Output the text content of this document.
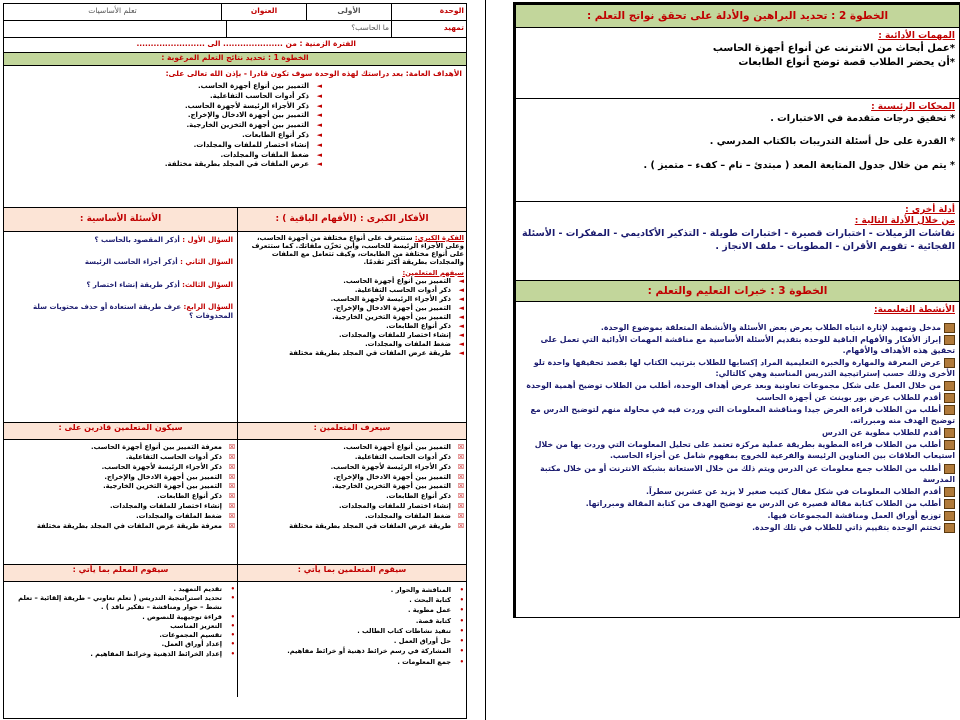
الوحدة
الأولى
العنوان
تعلم الأساسيات
تمهيد
ما الحاسب؟
الفترة الزمنية : من ..................... الى ........................
الخطوة 1 : تحديد نتائج التعلم المرغوبة :
الأهداف العامة: بعد دراستك لهذه الوحدة سوف تكون قادرا - بإذن الله تعالى على:
◄
التمييز بين أنواع أجهزة الحاسب.
◄
ذكر أدوات الحاسب التفاعلية.
◄
ذكر الأجزاء الرئيسة لأجهزة الحاسب.
◄
التمييز بين أجهزة الادخال والإخراج.
◄
التمييز بين أجهزة التخزين الخارجية.
◄
ذكر أنواع الطابعات.
◄
إنشاء اختصار للملفات والمجلدات.
◄
ضغط الملفات والمجلدات.
◄
عرض الملفات في المجلد بطريقة مختلفة.
الأفكار الكبرى : (الأفهام الباقية ) :
الأسئلة الأساسية :
الفكرة الكبرى: ستتعرف على أنواع مختلفة من أجهزة الحاسب، وعلى الأجزاء الرئيسة للحاسب، وأين تخزّن ملفاتك. كما ستتعرف على أنواع مختلفة من الطابعات، وكيف تتعامل مع الملفات والمجلدات بطريقة أكثر تقدمًا.
سيفهم المتعلمين:
◄
التمييز بين أنواع أجهزة الحاسب.
◄
ذكر أدوات الحاسب التفاعلية.
◄
ذكر الأجزاء الرئيسة لأجهزة الحاسب.
◄
التمييز بين أجهزة الادخال والإخراج.
◄
التمييز بين أجهزة التخزين الخارجية.
◄
ذكر أنواع الطابعات.
◄
إنشاء اختصار للملفات والمجلدات.
◄
ضغط الملفات والمجلدات.
◄
طريقة عرض الملفات في المجلد بطريقة مختلفة
السؤال الأول : أذكر المقصود بالحاسب ؟
السؤال الثاني : أذكر أجزاء الحاسب الرئيسة
السؤال الثالث: أذكر طريقة إنشاء اختصار ؟
السؤال الرابع: عرف طريقة استعادة أو حذف محتويات سلة المحذوفات ؟
سيعرف المتعلمين :
سيكون المتعلمين قادرين على :
☒
التمييز بين أنواع أجهزة الحاسب.
☒
ذكر أدوات الحاسب التفاعلية.
☒
ذكر الأجزاء الرئيسة لأجهزة الحاسب.
☒
التمييز بين أجهزة الادخال والإخراج.
☒
التمييز بين أجهزة التخزين الخارجية.
☒
ذكر أنواع الطابعات.
☒
إنشاء اختصار للملفات والمجلدات.
☒
ضغط الملفات والمجلدات.
☒
طريقة عرض الملفات في المجلد بطريقة مختلفة
☒
معرفة التمييز بين أنواع أجهزة الحاسب.
☒
ذكر أدوات الحاسب التفاعلية.
☒
ذكر الأجزاء الرئيسة لأجهزة الحاسب.
☒
التمييز بين أجهزة الادخال والإخراج.
☒
التمييز بين أجهزة التخزين الخارجية.
☒
ذكر أنواع الطابعات.
☒
إنشاء اختصار للملفات والمجلدات.
☒
ضغط الملفات والمجلدات.
☒
معرفة طريقة عرض الملفات في المجلد بطريقة مختلفة
سيقوم المتعلمين بما يأتي :
سيقوم المعلم بما يأتي :
•
المناقشة والحوار .
•
كتابة البحث .
•
عمل مطوية .
•
كتابة قصة.
•
تنفيذ نشاطات كتاب الطالب .
•
حل أوراق العمل .
•
المشاركة في رسم خرائط ذهنية أو خرائط مفاهيم.
•
جمع المعلومات .
•
تقديم التمهيد .
•
تحديد استراتيجية التدريس ( تعلم تعاوني – طريقة إلقائية – تعلم نشط – حوار ومناقشة – تفكير ناقد ) .
•
قراءة توجيهية للنصوص .
•
التعزيز المناسب
•
تقسيم المجموعات.
•
إعداد أوراق العمل.
•
إعداد الخرائط الذهنية وخرائط المفاهيم .
الخطوة 2 : تحديد البراهين والأدلة على تحقق نواتج التعلم :
المهمات الأدائية :
*عمل أبحاث من الانترنت عن أنواع أجهزة الحاسب
*أن يحضر الطلاب قصة توضح أنواع الطابعات
المحكات الرئيسية :
* تحقيق درجات متقدمة في الاختبارات .
* القدرة على حل أسئلة التدريبات بالكتاب المدرسي .
* يتم من خلال جدول المتابعة المعد ( مبتدئ – نام – كفء – متميز ) .
أدلة أخرى :
من خلال الأدلة التالية :
نقاشات الزميلات - اختبارات قصيرة - اختبارات طويلة - التذكير الأكاديمي - المفكرات - الأسئلة الفجائية - تقويم الأقران - المطويات - ملف الانجاز .
الخطوة 3 : خبرات التعليم والتعلم :
الأنشطة التعليمية:
مدخل وتمهيد لإثارة انتباه الطلاب بعرض بعض الأسئلة والأنشطة المتعلقة بموضوع الوحدة.
إبراز الأفكار والأفهام الباقية للوحدة بتقديم الأسئلة الأساسية مع مناقشة المهمات الأدائية التي تعمل على تحقيق هذه الأهداف والأفهام.
عرض المعرفة والمهارة والخبرة التعليمية المراد إكسابها للطلاب بترتيب الكتاب لها بقصد تحقيقها واحدة تلو الأخرى وذلك حسب إستراتيجية التدريس المناسبة وهي كالتالي:
من خلال العمل على شكل مجموعات تعاونية وبعد عرض أهداف الوحدة، أطلب من الطلاب توضيح أهمية الوحدة
أقدم للطلاب عرض بور بوينت عن أجهزة الحاسب
أطلب من الطلاب قراءة العرض جيدا ومناقشة المعلومات التي وردت فيه في محاولة منهم لتوضيح الدرس مع توضيح الهدف منه ومبرراته.
أقدم للطلاب مطوية عن الدرس
أطلب من الطلاب قراءة المطوية بطريقة عملية مركزة تعتمد على تحليل المعلومات التي وردت بها من خلال استيعاب العلاقات بين العناوين الرئيسة والفرعية للخروج بمفهوم شامل عن أجزاء الحاسب.
أطلب من الطلاب جمع معلومات عن الدرس ويتم ذلك من خلال الاستعانة بشبكة الانترنت أو من خلال مكتبة المدرسة
أقدم الطلاب المعلومات في شكل مقال كتيب صغير لا يزيد عن عشرين سطراً.
أطلب من الطلاب كتابة مقالة قصيرة عن الدرس مع توضيح الهدف من كتابة المقالة ومبرراتها.
توزيع أوراق العمل ومناقشة المجموعات فيها.
تختتم الوحدة بتقييم ذاتي للطلاب في تلك الوحدة.
